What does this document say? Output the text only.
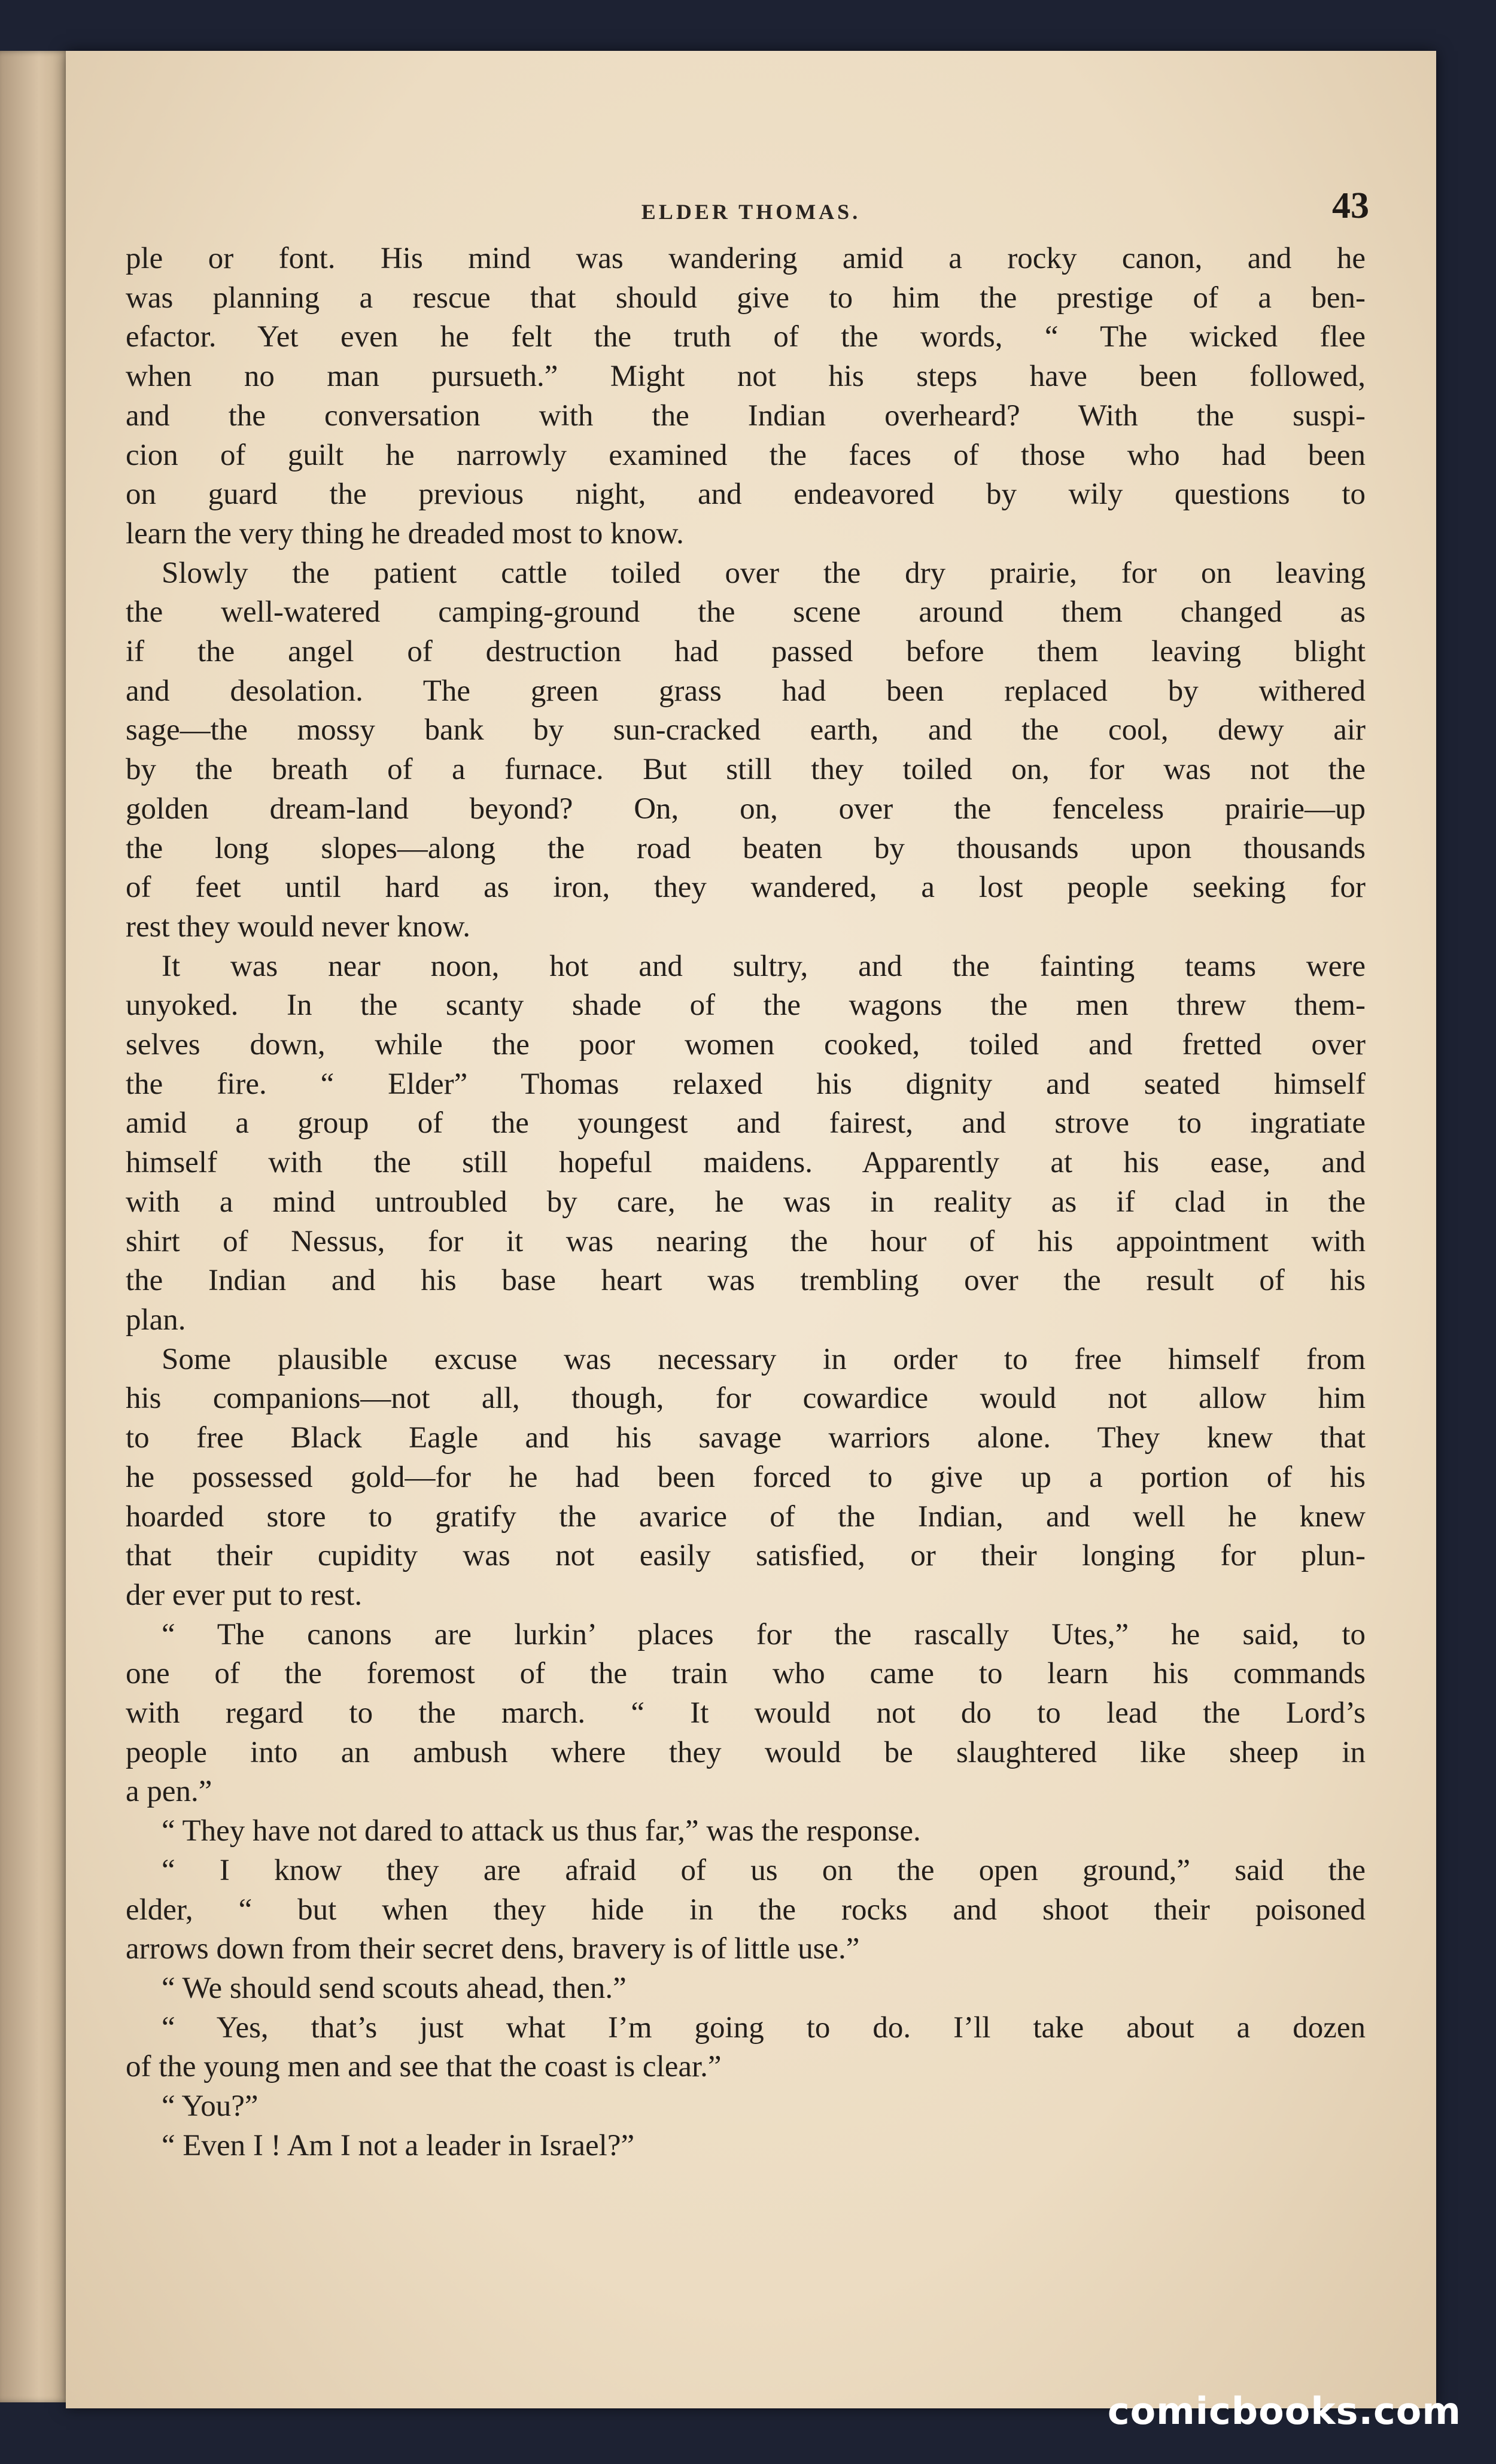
ELDER THOMAS.	43
ple or font. His mind was wandering amid a rocky canon, and he
was planning a rescue that should give to him the prestige of a ben-
efactor. Yet even he felt the truth of the words, “ The wicked flee
when no man pursueth.” Might not his steps have been followed,
and the conversation with the Indian overheard? With the suspi-
cion of guilt he narrowly examined the faces of those who had been
on guard the previous night, and endeavored by wily questions to
learn the very thing he dreaded most to know.
Slowly the patient cattle toiled over the dry prairie, for on leaving
the well-watered camping-ground the scene around them changed as
if the angel of destruction had passed before them leaving blight
and desolation. The green grass had been replaced by withered
sage—the mossy bank by sun-cracked earth, and the cool, dewy air
by the breath of a furnace. But still they toiled on, for was not the
golden dream-land beyond? On, on, over the fenceless prairie—up
the long slopes—along the road beaten by thousands upon thousands
of feet until hard as iron, they wandered, a lost people seeking for
rest they would never know.
It was near noon, hot and sultry, and the fainting teams were
unyoked. In the scanty shade of the wagons the men threw them-
selves down, while the poor women cooked, toiled and fretted over
the fire. “ Elder” Thomas relaxed his dignity and seated himself
amid a group of the youngest and fairest, and strove to ingratiate
himself with the still hopeful maidens. Apparently at his ease, and
with a mind untroubled by care, he was in reality as if clad in the
shirt of Nessus, for it was nearing the hour of his appointment with
the Indian and his base heart was trembling over the result of his
plan.
Some plausible excuse was necessary in order to free himself from
his companions—not all, though, for cowardice would not allow him
to free Black Eagle and his savage warriors alone. They knew that
he possessed gold—for he had been forced to give up a portion of his
hoarded store to gratify the avarice of the Indian, and well he knew
that their cupidity was not easily satisfied, or their longing for plun-
der ever put to rest.
“ The canons are lurkin’ places for the rascally Utes,” he said, to
one of the foremost of the train who came to learn his commands
with regard to the march. “ It would not do to lead the Lord’s
people into an ambush where they would be slaughtered like sheep in
a pen.”
“ They have not dared to attack us thus far,” was the response.
“ I know they are afraid of us on the open ground,” said the
elder, “ but when they hide in the rocks and shoot their poisoned
arrows down from their secret dens, bravery is of little use.”
“ We should send scouts ahead, then.”
“ Yes, that’s just what I’m going to do. I’ll take about a dozen
of the young men and see that the coast is clear.”
“ You?”
“ Even I ! Am I not a leader in Israel?”
comicbooks.com
